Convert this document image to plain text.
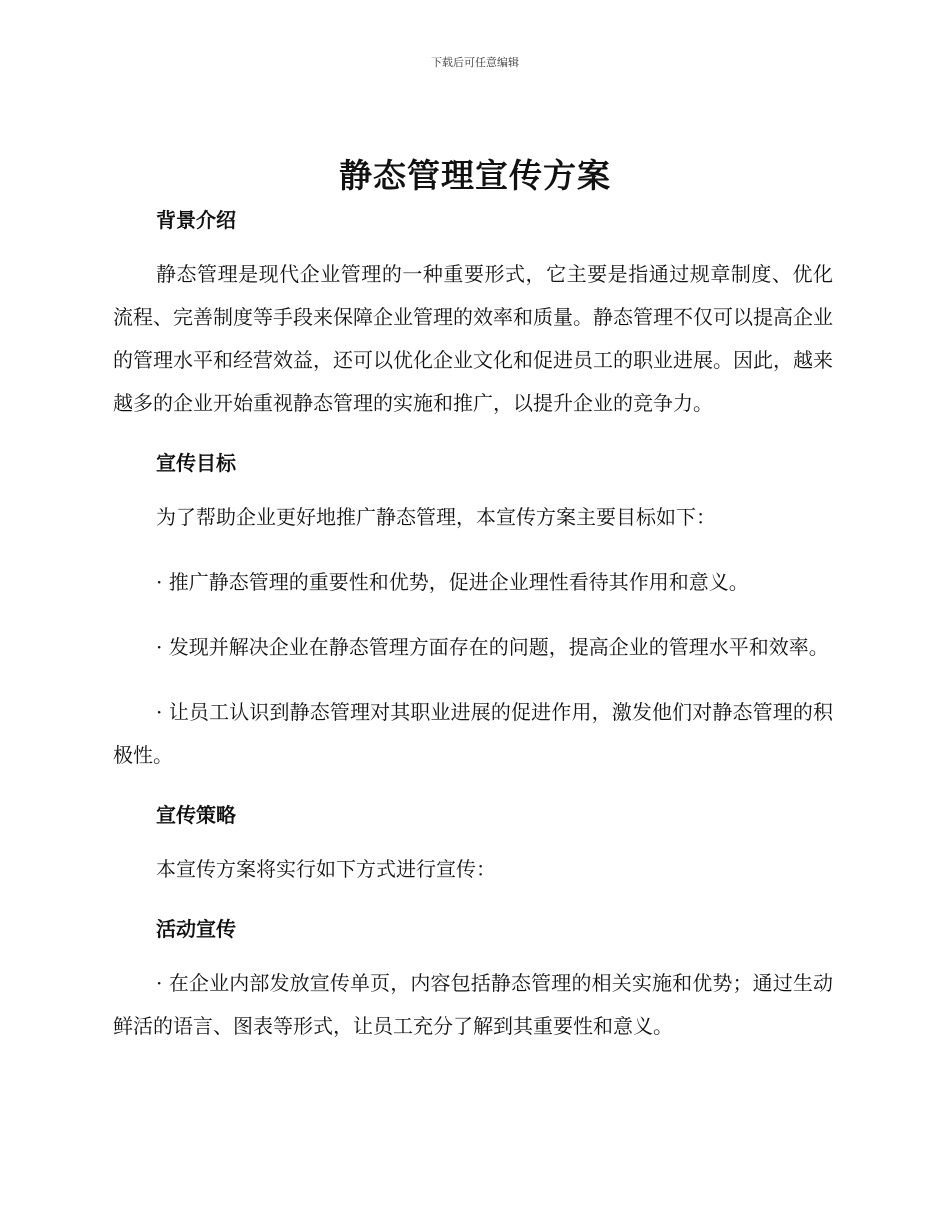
下载后可任意编辑
静态管理宣传方案
背景介绍

静态管理是现代企业管理的一种重要形式，它主要是指通过规章制度、优化流程、完善制度等手段来保障企业管理的效率和质量。静态管理不仅可以提高企业的管理水平和经营效益，还可以优化企业文化和促进员工的职业进展。因此，越来越多的企业开始重视静态管理的实施和推广，以提升企业的竞争力。

宣传目标

为了帮助企业更好地推广静态管理，本宣传方案主要目标如下：

· 推广静态管理的重要性和优势，促进企业理性看待其作用和意义。

· 发现并解决企业在静态管理方面存在的问题，提高企业的管理水平和效率。

· 让员工认识到静态管理对其职业进展的促进作用，激发他们对静态管理的积极性。

宣传策略

本宣传方案将实行如下方式进行宣传：

活动宣传

· 在企业内部发放宣传单页，内容包括静态管理的相关实施和优势；通过生动鲜活的语言、图表等形式，让员工充分了解到其重要性和意义。
